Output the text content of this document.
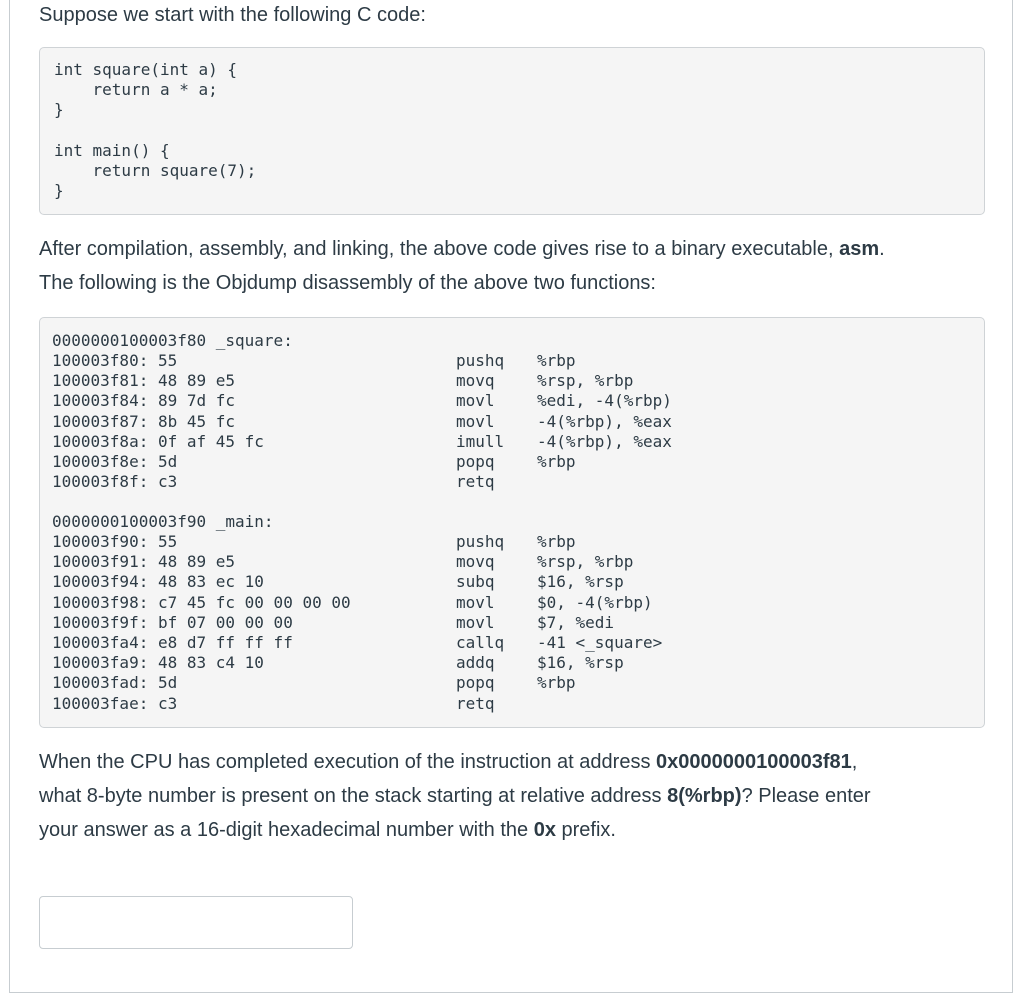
Suppose we start with the following C code:
int square(int a) {
return a * a;
}

int main() {
return square(7);
}
After compilation, assembly, and linking, the above code gives rise to a binary executable, asm.
The following is the Objdump disassembly of the above two functions:
0000000100003f80 _square:
100003f80: 55
100003f81: 48 89 e5
100003f84: 89 7d fc
100003f87: 8b 45 fc
100003f8a: 0f af 45 fc
100003f8e: 5d
100003f8f: c3
pushq
movq
movl
movl
imull
popq
retq
%rbp
%rsp, %rbp
%edi, -4(%rbp)
-4(%rbp), %eax
-4(%rbp), %eax
%rbp

0000000100003f90 _main:
100003f90: 55
100003f91: 48 89 e5
100003f94: 48 83 ec 10
100003f98: c7 45 fc 00 00 00 00
100003f9f: bf 07 00 00 00
100003fa4: e8 d7 ff ff ff
100003fa9: 48 83 c4 10
100003fad: 5d
100003fae: c3
pushq
movq
subq
movl
movl
callq
addq
popq
retq
%rbp
%rsp, %rbp
$16, %rsp
$0, -4(%rbp)
$7, %edi
-41 <_square>
$16, %rsp
%rbp

When the CPU has completed execution of the instruction at address 0x0000000100003f81,
what 8-byte number is present on the stack starting at relative address 8(%rbp)? Please enter
your answer as a 16-digit hexadecimal number with the 0x prefix.
